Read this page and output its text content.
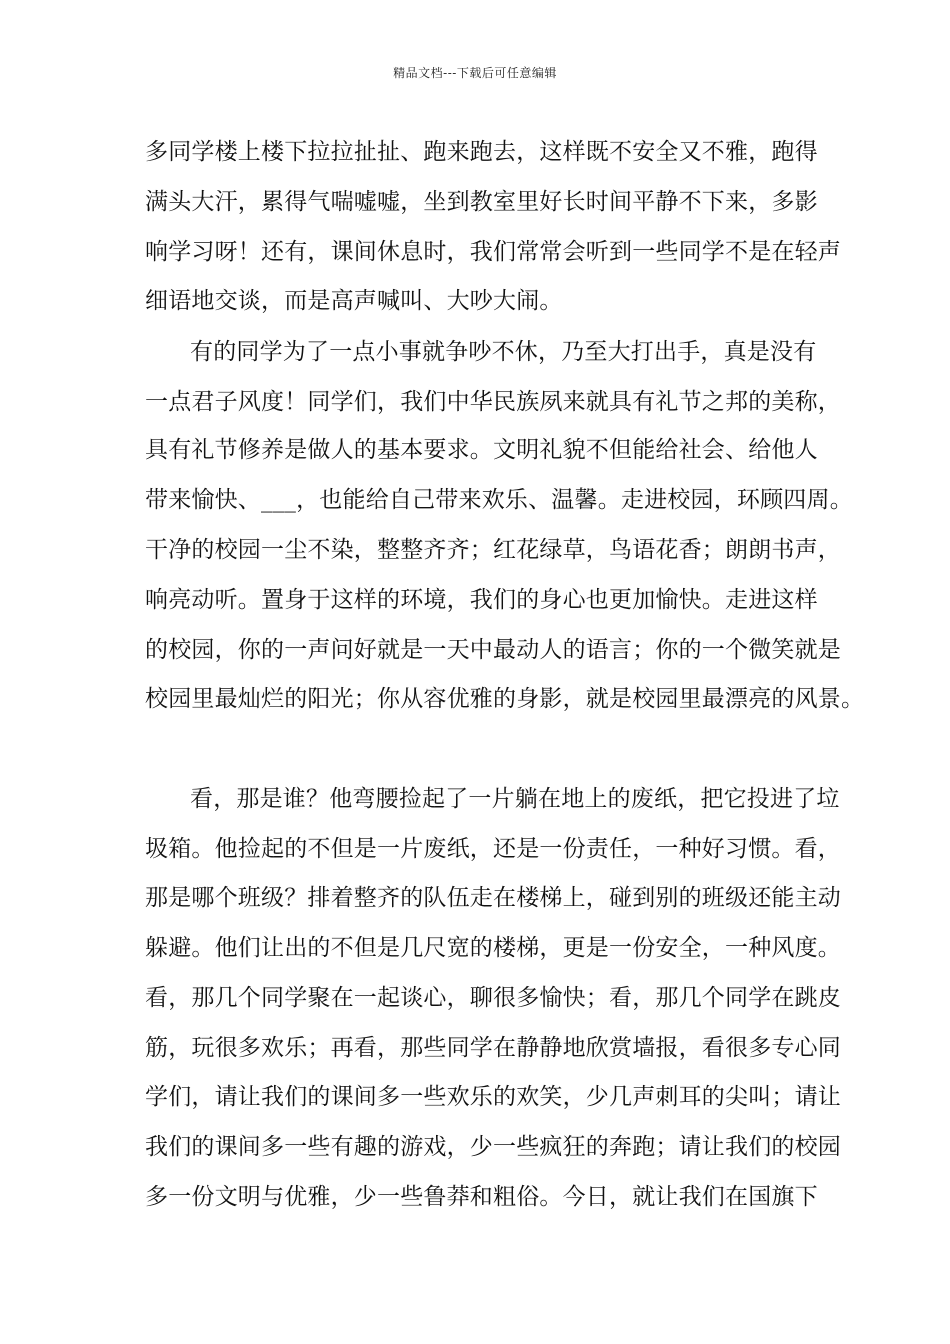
精品文档---下载后可任意编辑
多同学楼上楼下拉拉扯扯、跑来跑去，这样既不安全又不雅，跑得
满头大汗，累得气喘嘘嘘，坐到教室里好长时间平静不下来，多影
响学习呀！还有，课间休息时，我们常常会听到一些同学不是在轻声
细语地交谈，而是高声喊叫、大吵大闹。
有的同学为了一点小事就争吵不休，乃至大打出手，真是没有
一点君子风度！同学们，我们中华民族夙来就具有礼节之邦的美称，
具有礼节修养是做人的基本要求。文明礼貌不但能给社会、给他人
带来愉快、___，也能给自己带来欢乐、温馨。走进校园，环顾四周。
干净的校园一尘不染，整整齐齐；红花绿草，鸟语花香；朗朗书声，
响亮动听。置身于这样的环境，我们的身心也更加愉快。走进这样
的校园，你的一声问好就是一天中最动人的语言；你的一个微笑就是
校园里最灿烂的阳光；你从容优雅的身影，就是校园里最漂亮的风景。
看，那是谁？他弯腰捡起了一片躺在地上的废纸，把它投进了垃
圾箱。他捡起的不但是一片废纸，还是一份责任，一种好习惯。看，
那是哪个班级？排着整齐的队伍走在楼梯上，碰到别的班级还能主动
躲避。他们让出的不但是几尺宽的楼梯，更是一份安全，一种风度。
看，那几个同学聚在一起谈心，聊很多愉快；看，那几个同学在跳皮
筋，玩很多欢乐；再看，那些同学在静静地欣赏墙报，看很多专心同
学们，请让我们的课间多一些欢乐的欢笑，少几声刺耳的尖叫；请让
我们的课间多一些有趣的游戏，少一些疯狂的奔跑；请让我们的校园
多一份文明与优雅，少一些鲁莽和粗俗。今日，就让我们在国旗下
